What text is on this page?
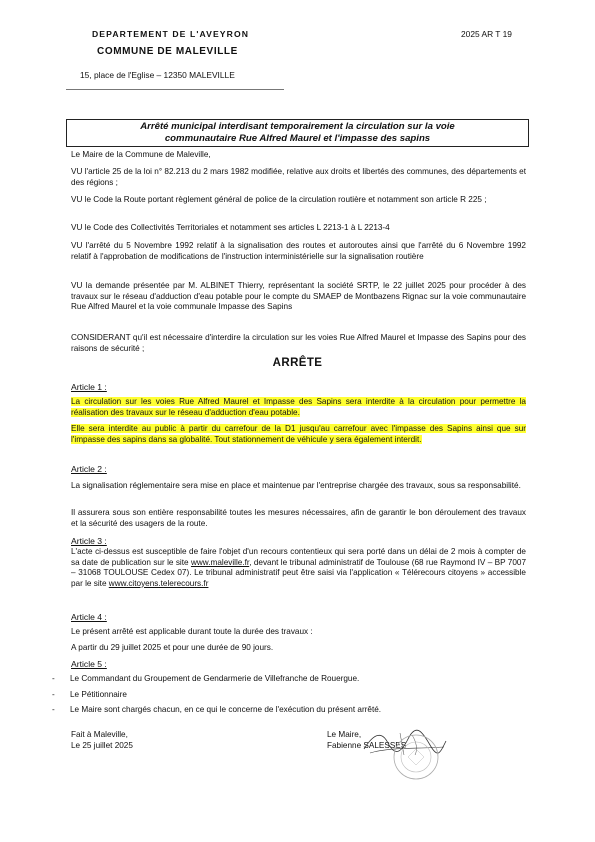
DEPARTEMENT DE L'AVEYRON
COMMUNE DE MALEVILLE
15, place de l'Eglise – 12350 MALEVILLE
2025 AR T 19
Arrêté municipal interdisant temporairement la circulation sur la voie
communautaire Rue Alfred Maurel et l'impasse des sapins
Le Maire de la Commune de Maleville,
VU l'article 25 de la loi n° 82.213 du 2 mars 1982 modifiée, relative aux droits et libertés des communes, des départements et des régions ;
VU le Code la Route portant règlement général de police de la circulation routière et notamment son article R 225 ;
VU le Code des Collectivités Territoriales et notamment ses articles L 2213-1 à L 2213-4
VU l'arrêté du 5 Novembre 1992 relatif à la signalisation des routes et autoroutes ainsi que l'arrêté du 6 Novembre 1992 relatif à l'approbation de modifications de l'instruction interministérielle sur la signalisation routière
VU la demande présentée par M. ALBINET Thierry, représentant la société SRTP, le 22 juillet 2025 pour procéder à des travaux sur le réseau d'adduction d'eau potable pour le compte du SMAEP de Montbazens Rignac sur la voie communautaire Rue Alfred Maurel et la voie communale Impasse des Sapins
CONSIDERANT qu'il est nécessaire d'interdire la circulation sur les voies Rue Alfred Maurel et Impasse des Sapins pour des raisons de sécurité ;
ARRÊTE
Article 1 :
La circulation sur les voies Rue Alfred Maurel et Impasse des Sapins sera interdite à la circulation pour permettre la réalisation des travaux sur le réseau d'adduction d'eau potable.
Elle sera interdite au public à partir du carrefour de la D1 jusqu'au carrefour avec l'impasse des Sapins ainsi que sur l'impasse des sapins dans sa globalité. Tout stationnement de véhicule y sera également interdit.
Article 2 :
La signalisation réglementaire sera mise en place et maintenue par l'entreprise chargée des travaux, sous sa responsabilité.
Il assurera sous son entière responsabilité toutes les mesures nécessaires, afin de garantir le bon déroulement des travaux et la sécurité des usagers de la route.
Article 3 :
L'acte ci-dessus est susceptible de faire l'objet d'un recours contentieux qui sera porté dans un délai de 2 mois à compter de sa date de publication sur le site www.maleville.fr, devant le tribunal administratif de Toulouse (68 rue Raymond IV – BP 7007 – 31068 TOULOUSE Cedex 07). Le tribunal administratif peut être saisi via l'application « Télérecours citoyens » accessible par le site www.citoyens.telerecours.fr
Article 4 :
Le présent arrêté est applicable durant toute la durée des travaux :
A partir du 29 juillet 2025 et pour une durée de 90 jours.
Article 5 :
- Le Commandant du Groupement de Gendarmerie de Villefranche de Rouergue.
- Le Pétitionnaire
- Le Maire sont chargés chacun, en ce qui le concerne de l'exécution du présent arrêté.
Fait à Maleville,
Le 25 juillet 2025
Le Maire,
Fabienne SALESSES
